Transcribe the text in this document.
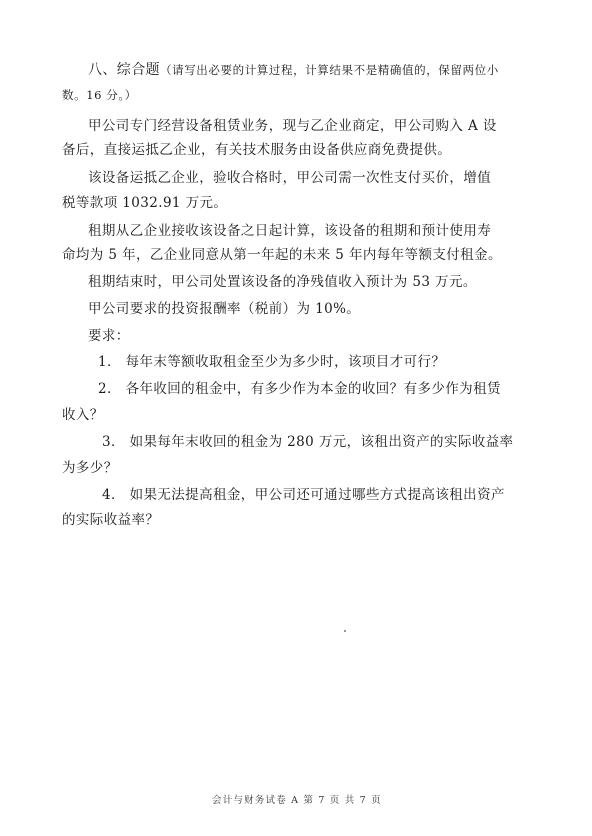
八、综合题（请写出必要的计算过程，计算结果不是精确值的，保留两位小
数。16 分。）
甲公司专门经营设备租赁业务，现与乙企业商定，甲公司购入 A 设
备后，直接运抵乙企业，有关技术服务由设备供应商免费提供。
该设备运抵乙企业，验收合格时，甲公司需一次性支付买价，增值
税等款项 1032.91 万元。
租期从乙企业接收该设备之日起计算，该设备的租期和预计使用寿
命均为 5 年，乙企业同意从第一年起的未来 5 年内每年等额支付租金。
租期结束时，甲公司处置该设备的净残值收入预计为 53 万元。
甲公司要求的投资报酬率（税前）为 10%。
要求：
1． 每年末等额收取租金至少为多少时，该项目才可行？
2． 各年收回的租金中，有多少作为本金的收回？有多少作为租赁
收入？
3． 如果每年末收回的租金为 280 万元，该租出资产的实际收益率
为多少？
4． 如果无法提高租金，甲公司还可通过哪些方式提高该租出资产
的实际收益率？
会计与财务试卷 A 第 7 页 共 7 页
